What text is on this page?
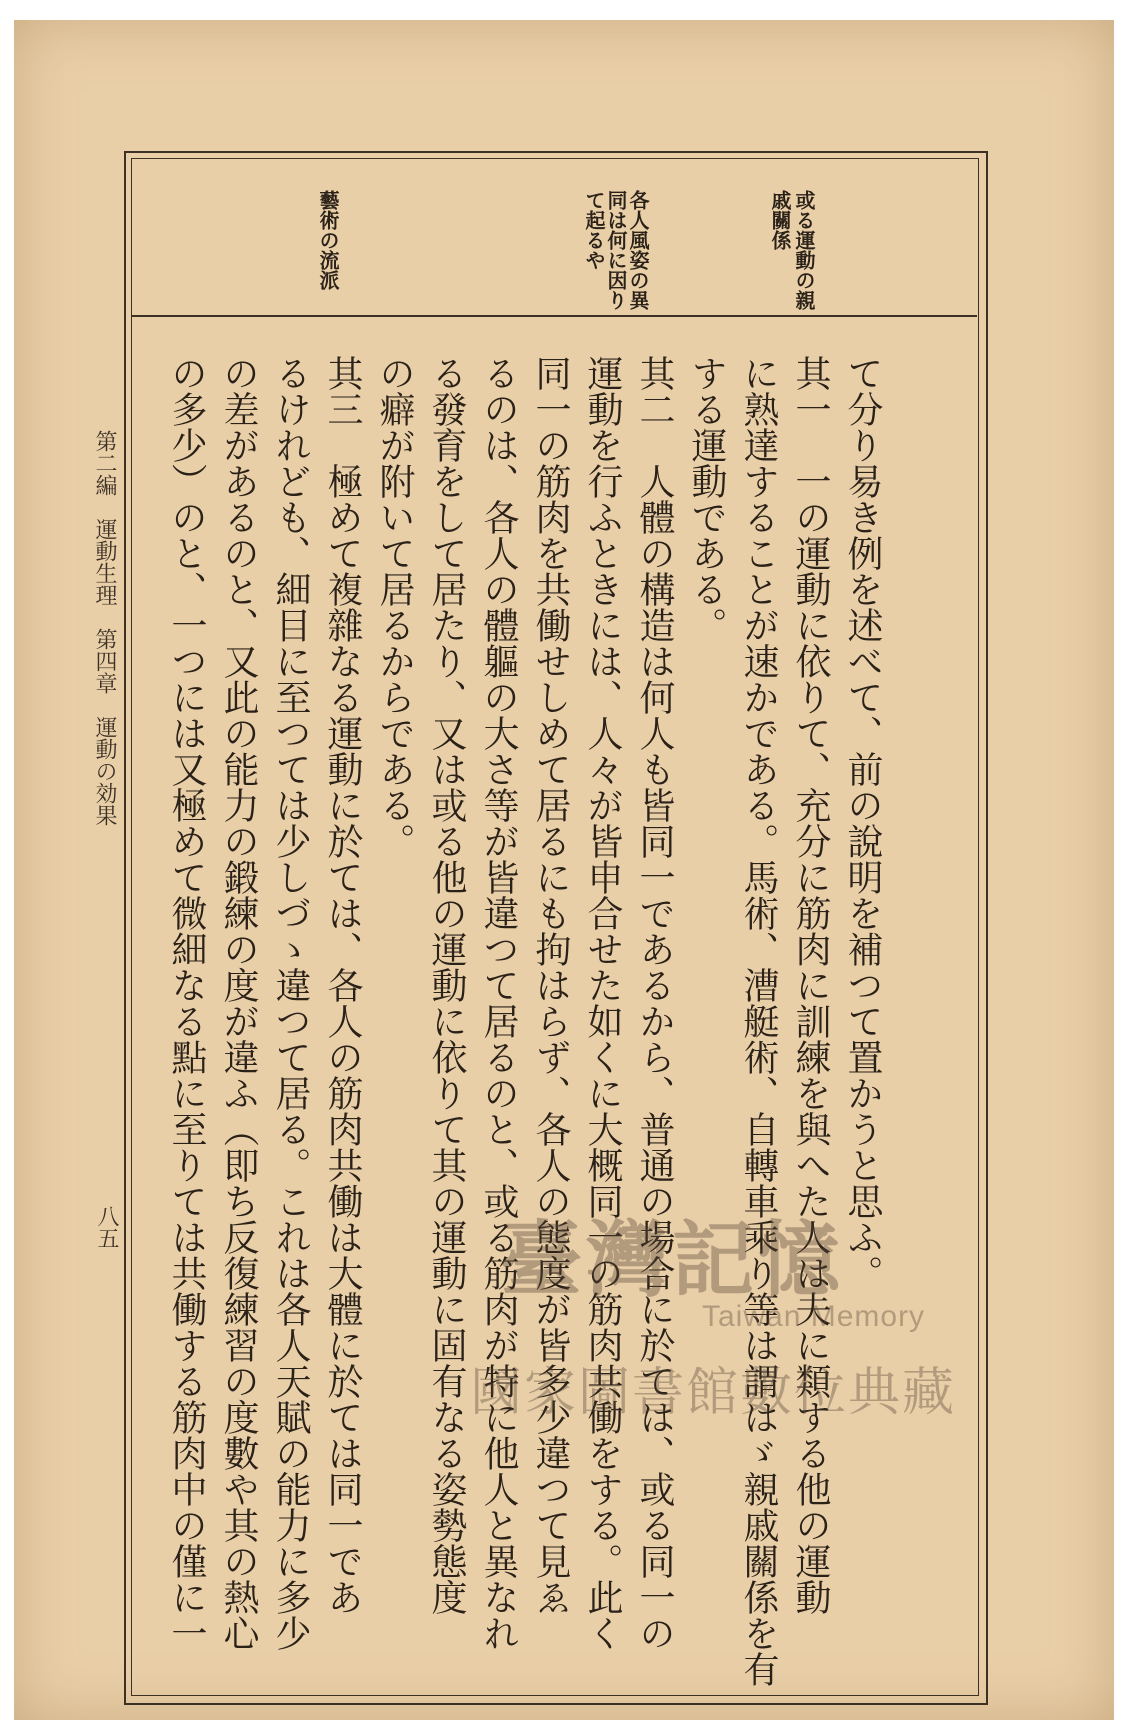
或る運動の親
戚關係
各人風姿の異
同は何に因り
て起るや
藝術の流派
て分り易き例を述べて、前の說明を補つて置かうと思ふ。
其一　一の運動に依りて、充分に筋肉に訓練を與へた人は夫に類する他の運動
に熟達することが速かである。馬術、漕艇術、自轉車乘り等は謂はゞ親戚關係を有
する運動である。
其二　人體の構造は何人も皆同一であるから、普通の場合に於ては、或る同一の
運動を行ふときには、人々が皆申合せた如くに大概同一の筋肉共働をする。此く
同一の筋肉を共働せしめて居るにも拘はらず、各人の態度が皆多少違つて見ゑ
るのは、各人の體軀の大さ等が皆違つて居るのと、或る筋肉が特に他人と異なれ
る發育をして居たり、又は或る他の運動に依りて其の運動に固有なる姿勢態度
の癖が附いて居るからである。
其三　極めて複雜なる運動に於ては、各人の筋肉共働は大體に於ては同一であ
るけれども、細目に至つては少しづゝ違つて居る。これは各人天賦の能力に多少
の差があるのと、又此の能力の鍛練の度が違ふ（即ち反復練習の度數や其の熱心
の多少）のと、一つには又極めて微細なる點に至りては共働する筋肉中の僅に一
第二編　運動生理　第四章　運動の効果
八五	臺灣記憶
Taiwan Memory
國家圖書館數位典藏
